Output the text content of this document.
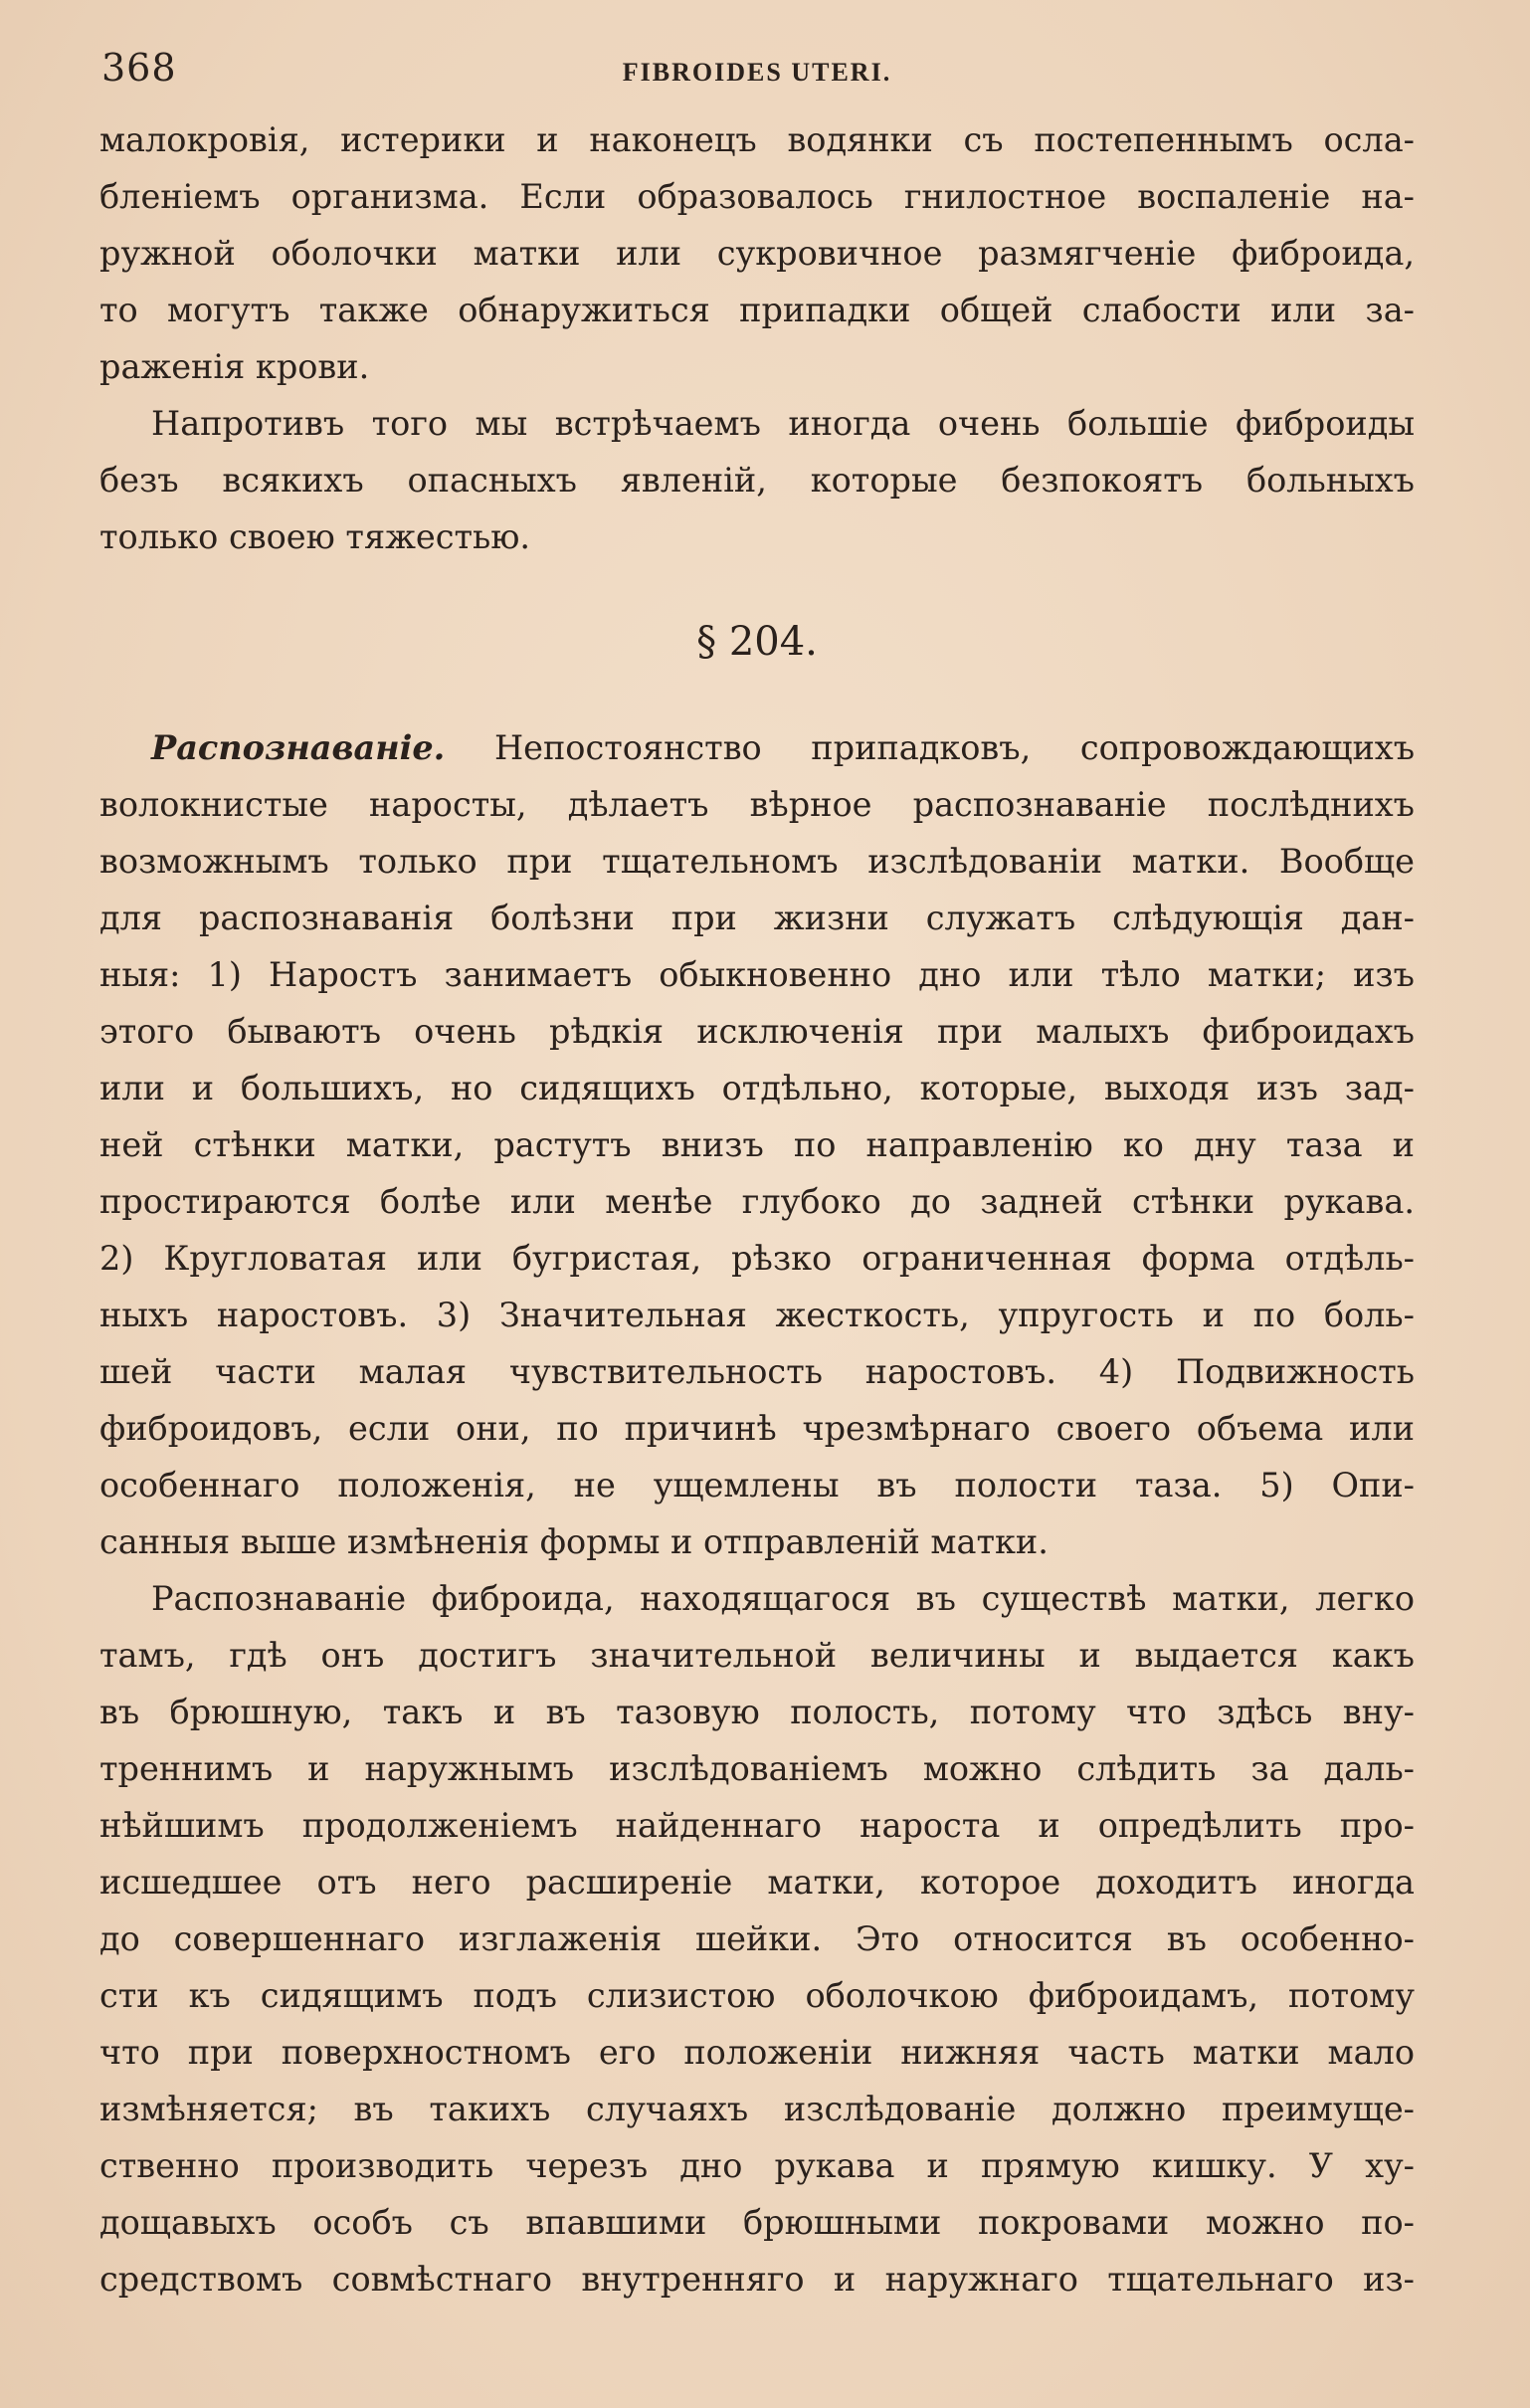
368	FIBROIDES UTERI.
малокровія, истерики и наконецъ водянки съ постепеннымъ осла-
бленіемъ организма. Если образовалось гнилостное воспаленіе на-
ружной оболочки матки или сукровичное размягченіе фиброида,
то могутъ также обнаружиться припадки общей слабости или за-
раженія крови.
Напротивъ того мы встрѣчаемъ иногда очень большіе фиброиды
безъ всякихъ опасныхъ явленій, которые безпокоятъ больныхъ
только своею тяжестью.
§ 204.
Распознаванiе. Непостоянство припадковъ, сопровождающихъ
волокнистые наросты, дѣлаетъ вѣрное распознаваніе послѣднихъ
возможнымъ только при тщательномъ изслѣдованіи матки. Вообще
для распознаванія болѣзни при жизни служатъ слѣдующія дан-
ныя: 1) Наростъ занимаетъ обыкновенно дно или тѣло матки; изъ
этого бываютъ очень рѣдкія исключенія при малыхъ фиброидахъ
или и большихъ, но сидящихъ отдѣльно, которые, выходя изъ зад-
ней стѣнки матки, растутъ внизъ по направленію ко дну таза и
простираются болѣе или менѣе глубоко до задней стѣнки рукава.
2) Кругловатая или бугристая, рѣзко ограниченная форма отдѣль-
ныхъ наростовъ. 3) Значительная жесткость, упругость и по боль-
шей части малая чувствительность наростовъ. 4) Подвижность
фиброидовъ, если они, по причинѣ чрезмѣрнаго своего объема или
особеннаго положенія, не ущемлены въ полости таза. 5) Опи-
санныя выше измѣненія формы и отправленій матки.
Распознаваніе фиброида, находящагося въ существѣ матки, легко
тамъ, гдѣ онъ достигъ значительной величины и выдается какъ
въ брюшную, такъ и въ тазовую полость, потому что здѣсь вну-
треннимъ и наружнымъ изслѣдованіемъ можно слѣдить за даль-
нѣйшимъ продолженіемъ найденнаго нароста и опредѣлить про-
исшедшее отъ него расширеніе матки, которое доходитъ иногда
до совершеннаго изглаженія шейки. Это относится въ особенно-
сти къ сидящимъ подъ слизистою оболочкою фиброидамъ, потому
что при поверхностномъ его положеніи нижняя часть матки мало
измѣняется; въ такихъ случаяхъ изслѣдованіе должно преимуще-
ственно производить черезъ дно рукава и прямую кишку. У ху-
дощавыхъ особъ съ впавшими брюшными покровами можно по-
средствомъ совмѣстнаго внутренняго и наружнаго тщательнаго из-
